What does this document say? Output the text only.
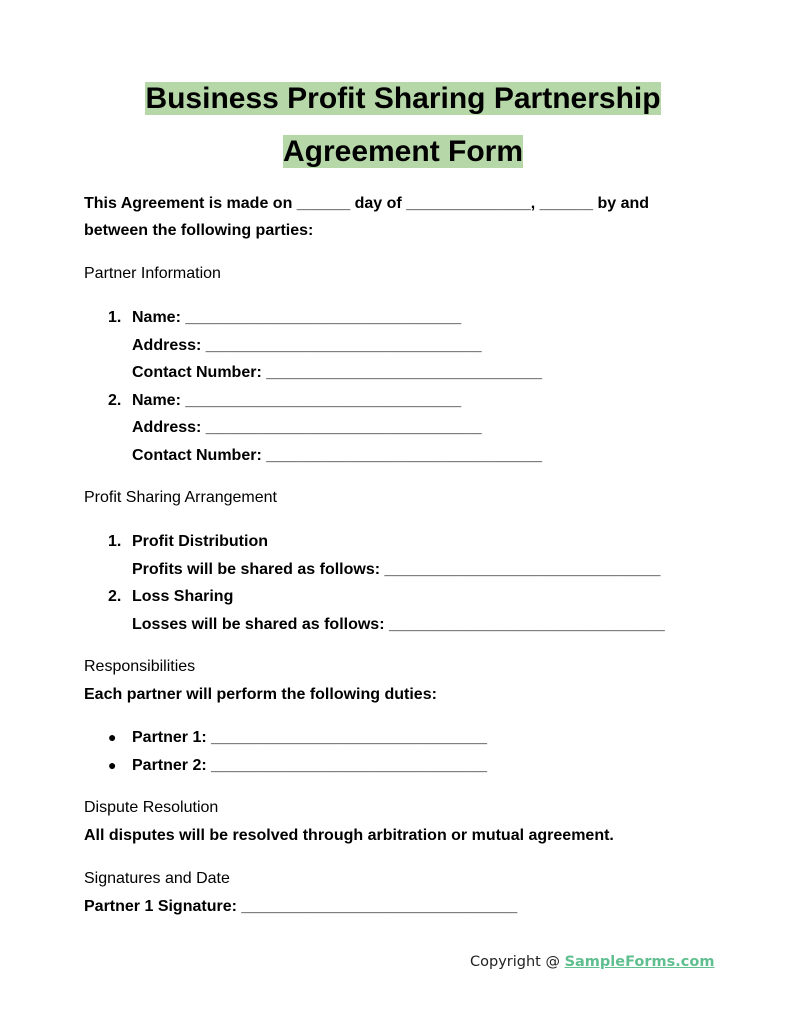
Business Profit Sharing Partnership
Agreement Form

This Agreement is made on ______ day of ______________, ______ by and

between the following parties:

Partner Information

1. Name: _______________________________
Address: _______________________________
Contact Number: _______________________________
2. Name: _______________________________
Address: _______________________________
Contact Number: _______________________________

Profit Sharing Arrangement

1. Profit Distribution
Profits will be shared as follows: _______________________________
2. Loss Sharing
Losses will be shared as follows: _______________________________

Responsibilities

Each partner will perform the following duties:

● Partner 1: _______________________________
● Partner 2: _______________________________

Dispute Resolution

All disputes will be resolved through arbitration or mutual agreement.

Signatures and Date

Partner 1 Signature: _______________________________

Copyright @ SampleForms.com
